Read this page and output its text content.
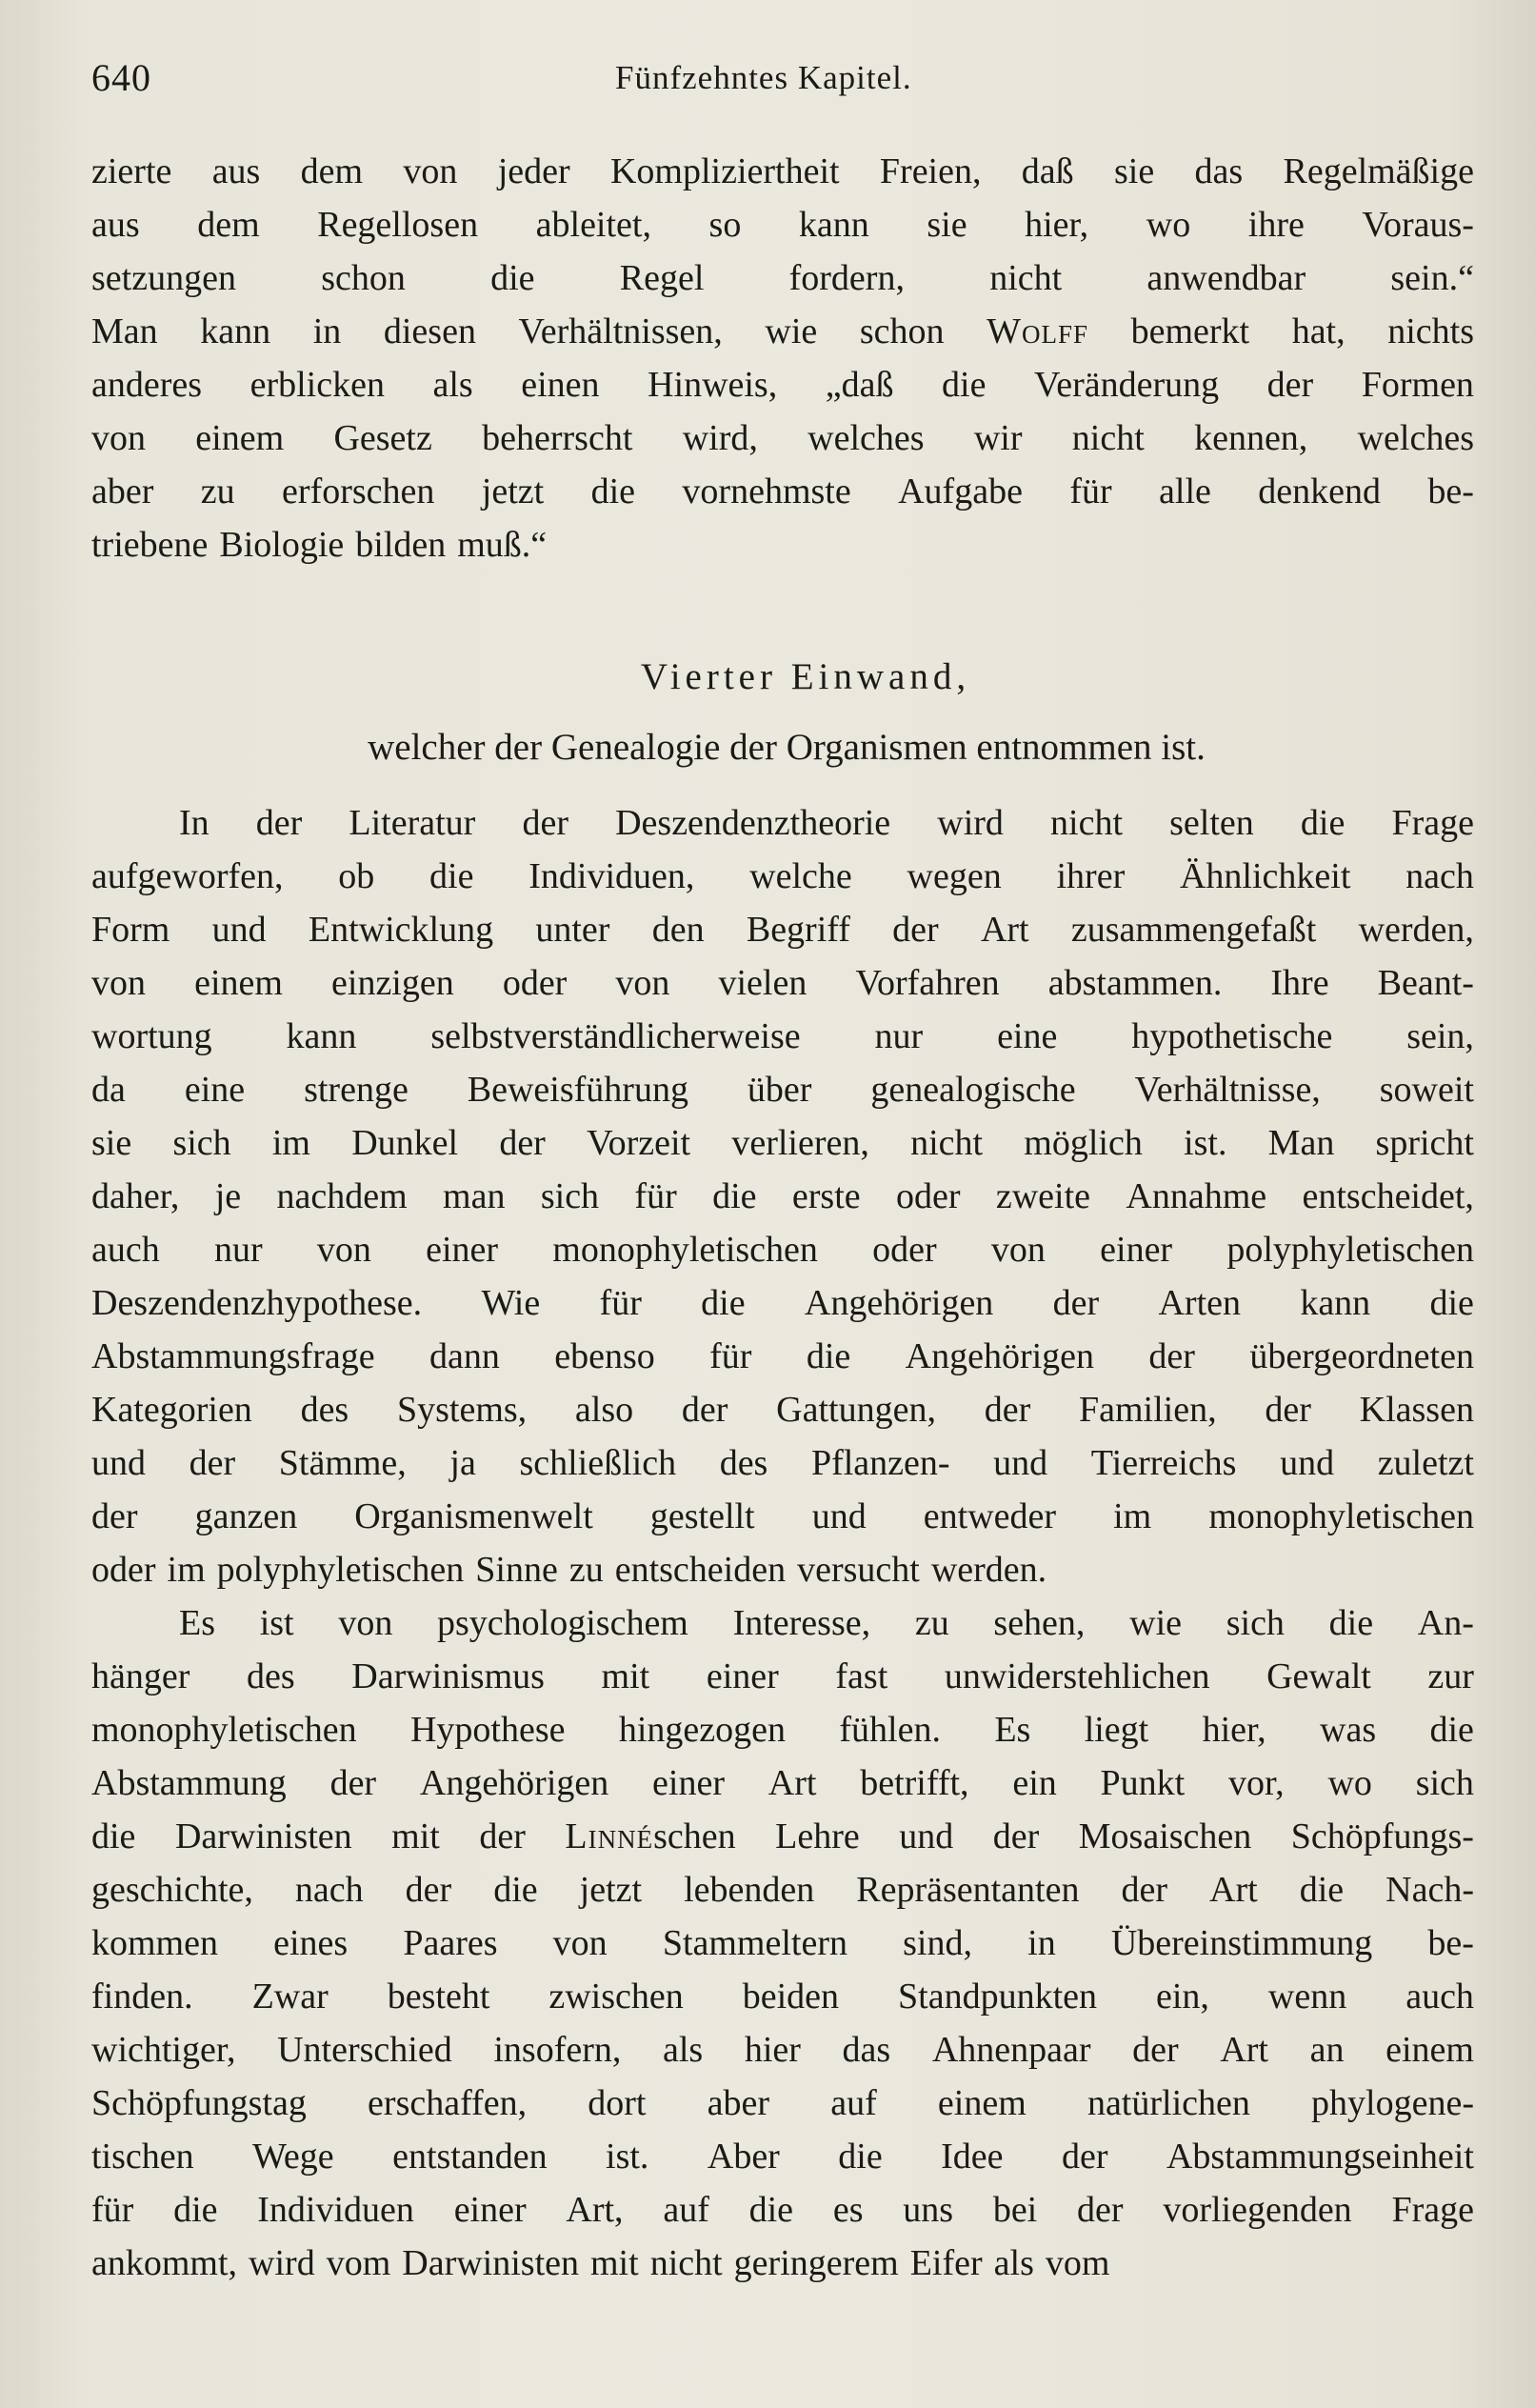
640	Fünfzehntes Kapitel.
zierte aus dem von jeder Kompliziertheit Freien, daß sie das Regelmäßige
aus dem Regellosen ableitet, so kann sie hier, wo ihre Voraus-
setzungen schon die Regel fordern, nicht anwendbar sein.“
Man kann in diesen Verhältnissen, wie schon Wolff bemerkt hat, nichts
anderes erblicken als einen Hinweis, „daß die Veränderung der Formen
von einem Gesetz beherrscht wird, welches wir nicht kennen, welches
aber zu erforschen jetzt die vornehmste Aufgabe für alle denkend be-
triebene Biologie bilden muß.“
Vierter Einwand,
welcher der Genealogie der Organismen entnommen ist.
In der Literatur der Deszendenztheorie wird nicht selten die Frage
aufgeworfen, ob die Individuen, welche wegen ihrer Ähnlichkeit nach
Form und Entwicklung unter den Begriff der Art zusammengefaßt werden,
von einem einzigen oder von vielen Vorfahren abstammen. Ihre Beant-
wortung kann selbstverständlicherweise nur eine hypothetische sein,
da eine strenge Beweisführung über genealogische Verhältnisse, soweit
sie sich im Dunkel der Vorzeit verlieren, nicht möglich ist. Man spricht
daher, je nachdem man sich für die erste oder zweite Annahme entscheidet,
auch nur von einer monophyletischen oder von einer polyphyletischen
Deszendenzhypothese. Wie für die Angehörigen der Arten kann die
Abstammungsfrage dann ebenso für die Angehörigen der übergeordneten
Kategorien des Systems, also der Gattungen, der Familien, der Klassen
und der Stämme, ja schließlich des Pflanzen- und Tierreichs und zuletzt
der ganzen Organismenwelt gestellt und entweder im monophyletischen
oder im polyphyletischen Sinne zu entscheiden versucht werden.
Es ist von psychologischem Interesse, zu sehen, wie sich die An-
hänger des Darwinismus mit einer fast unwiderstehlichen Gewalt zur
monophyletischen Hypothese hingezogen fühlen. Es liegt hier, was die
Abstammung der Angehörigen einer Art betrifft, ein Punkt vor, wo sich
die Darwinisten mit der Linnéschen Lehre und der Mosaischen Schöpfungs-
geschichte, nach der die jetzt lebenden Repräsentanten der Art die Nach-
kommen eines Paares von Stammeltern sind, in Übereinstimmung be-
finden. Zwar besteht zwischen beiden Standpunkten ein, wenn auch
wichtiger, Unterschied insofern, als hier das Ahnenpaar der Art an einem
Schöpfungstag erschaffen, dort aber auf einem natürlichen phylogene-
tischen Wege entstanden ist. Aber die Idee der Abstammungseinheit
für die Individuen einer Art, auf die es uns bei der vorliegenden Frage
ankommt, wird vom Darwinisten mit nicht geringerem Eifer als vom
